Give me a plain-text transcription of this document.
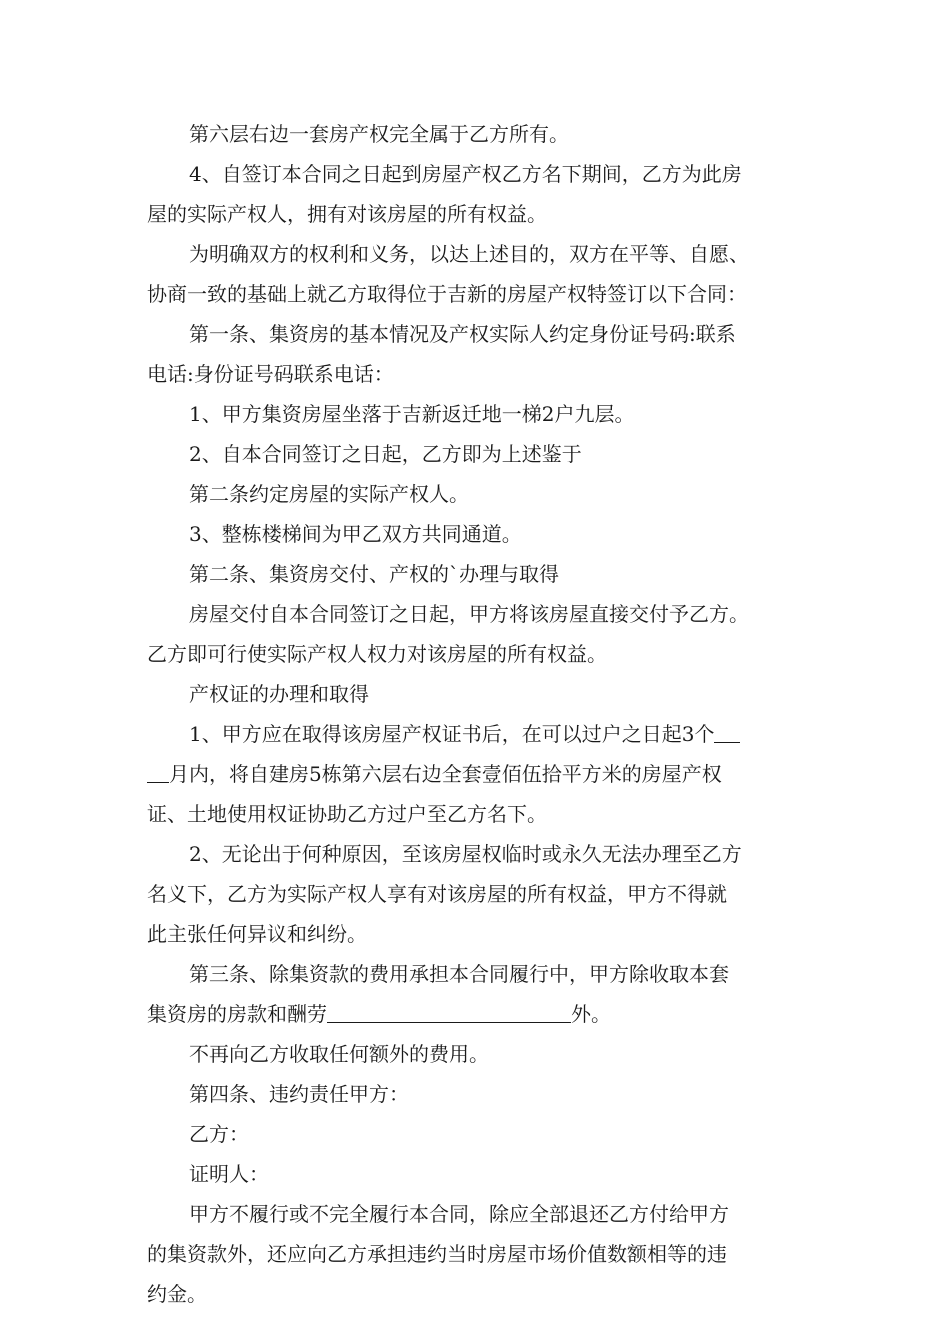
第六层右边一套房产权完全属于乙方所有。

4、自签订本合同之日起到房屋产权乙方名下期间，乙方为此房
屋的实际产权人，拥有对该房屋的所有权益。

为明确双方的权利和义务，以达上述目的，双方在平等、自愿、
协商一致的基础上就乙方取得位于吉新的房屋产权特签订以下合同：

第一条、集资房的基本情况及产权实际人约定身份证号码:联系
电话:身份证号码联系电话：

1、甲方集资房屋坐落于吉新返迁地一梯2户九层。

2、自本合同签订之日起，乙方即为上述鉴于

第二条约定房屋的实际产权人。

3、整栋楼梯间为甲乙双方共同通道。

第二条、集资房交付、产权的`办理与取得

房屋交付自本合同签订之日起，甲方将该房屋直接交付予乙方。
乙方即可行使实际产权人权力对该房屋的所有权益。

产权证的办理和取得

1、甲方应在取得该房屋产权证书后，在可以过户之日起3个
月内，将自建房5栋第六层右边全套壹佰伍拾平方米的房屋产权
证、土地使用权证协助乙方过户至乙方名下。

2、无论出于何种原因，至该房屋权临时或永久无法办理至乙方
名义下，乙方为实际产权人享有对该房屋的所有权益，甲方不得就
此主张任何异议和纠纷。

第三条、除集资款的费用承担本合同履行中，甲方除收取本套
集资房的房款和酬劳	外。

不再向乙方收取任何额外的费用。

第四条、违约责任甲方：

乙方：

证明人：

甲方不履行或不完全履行本合同，除应全部退还乙方付给甲方
的集资款外，还应向乙方承担违约当时房屋市场价值数额相等的违
约金。
